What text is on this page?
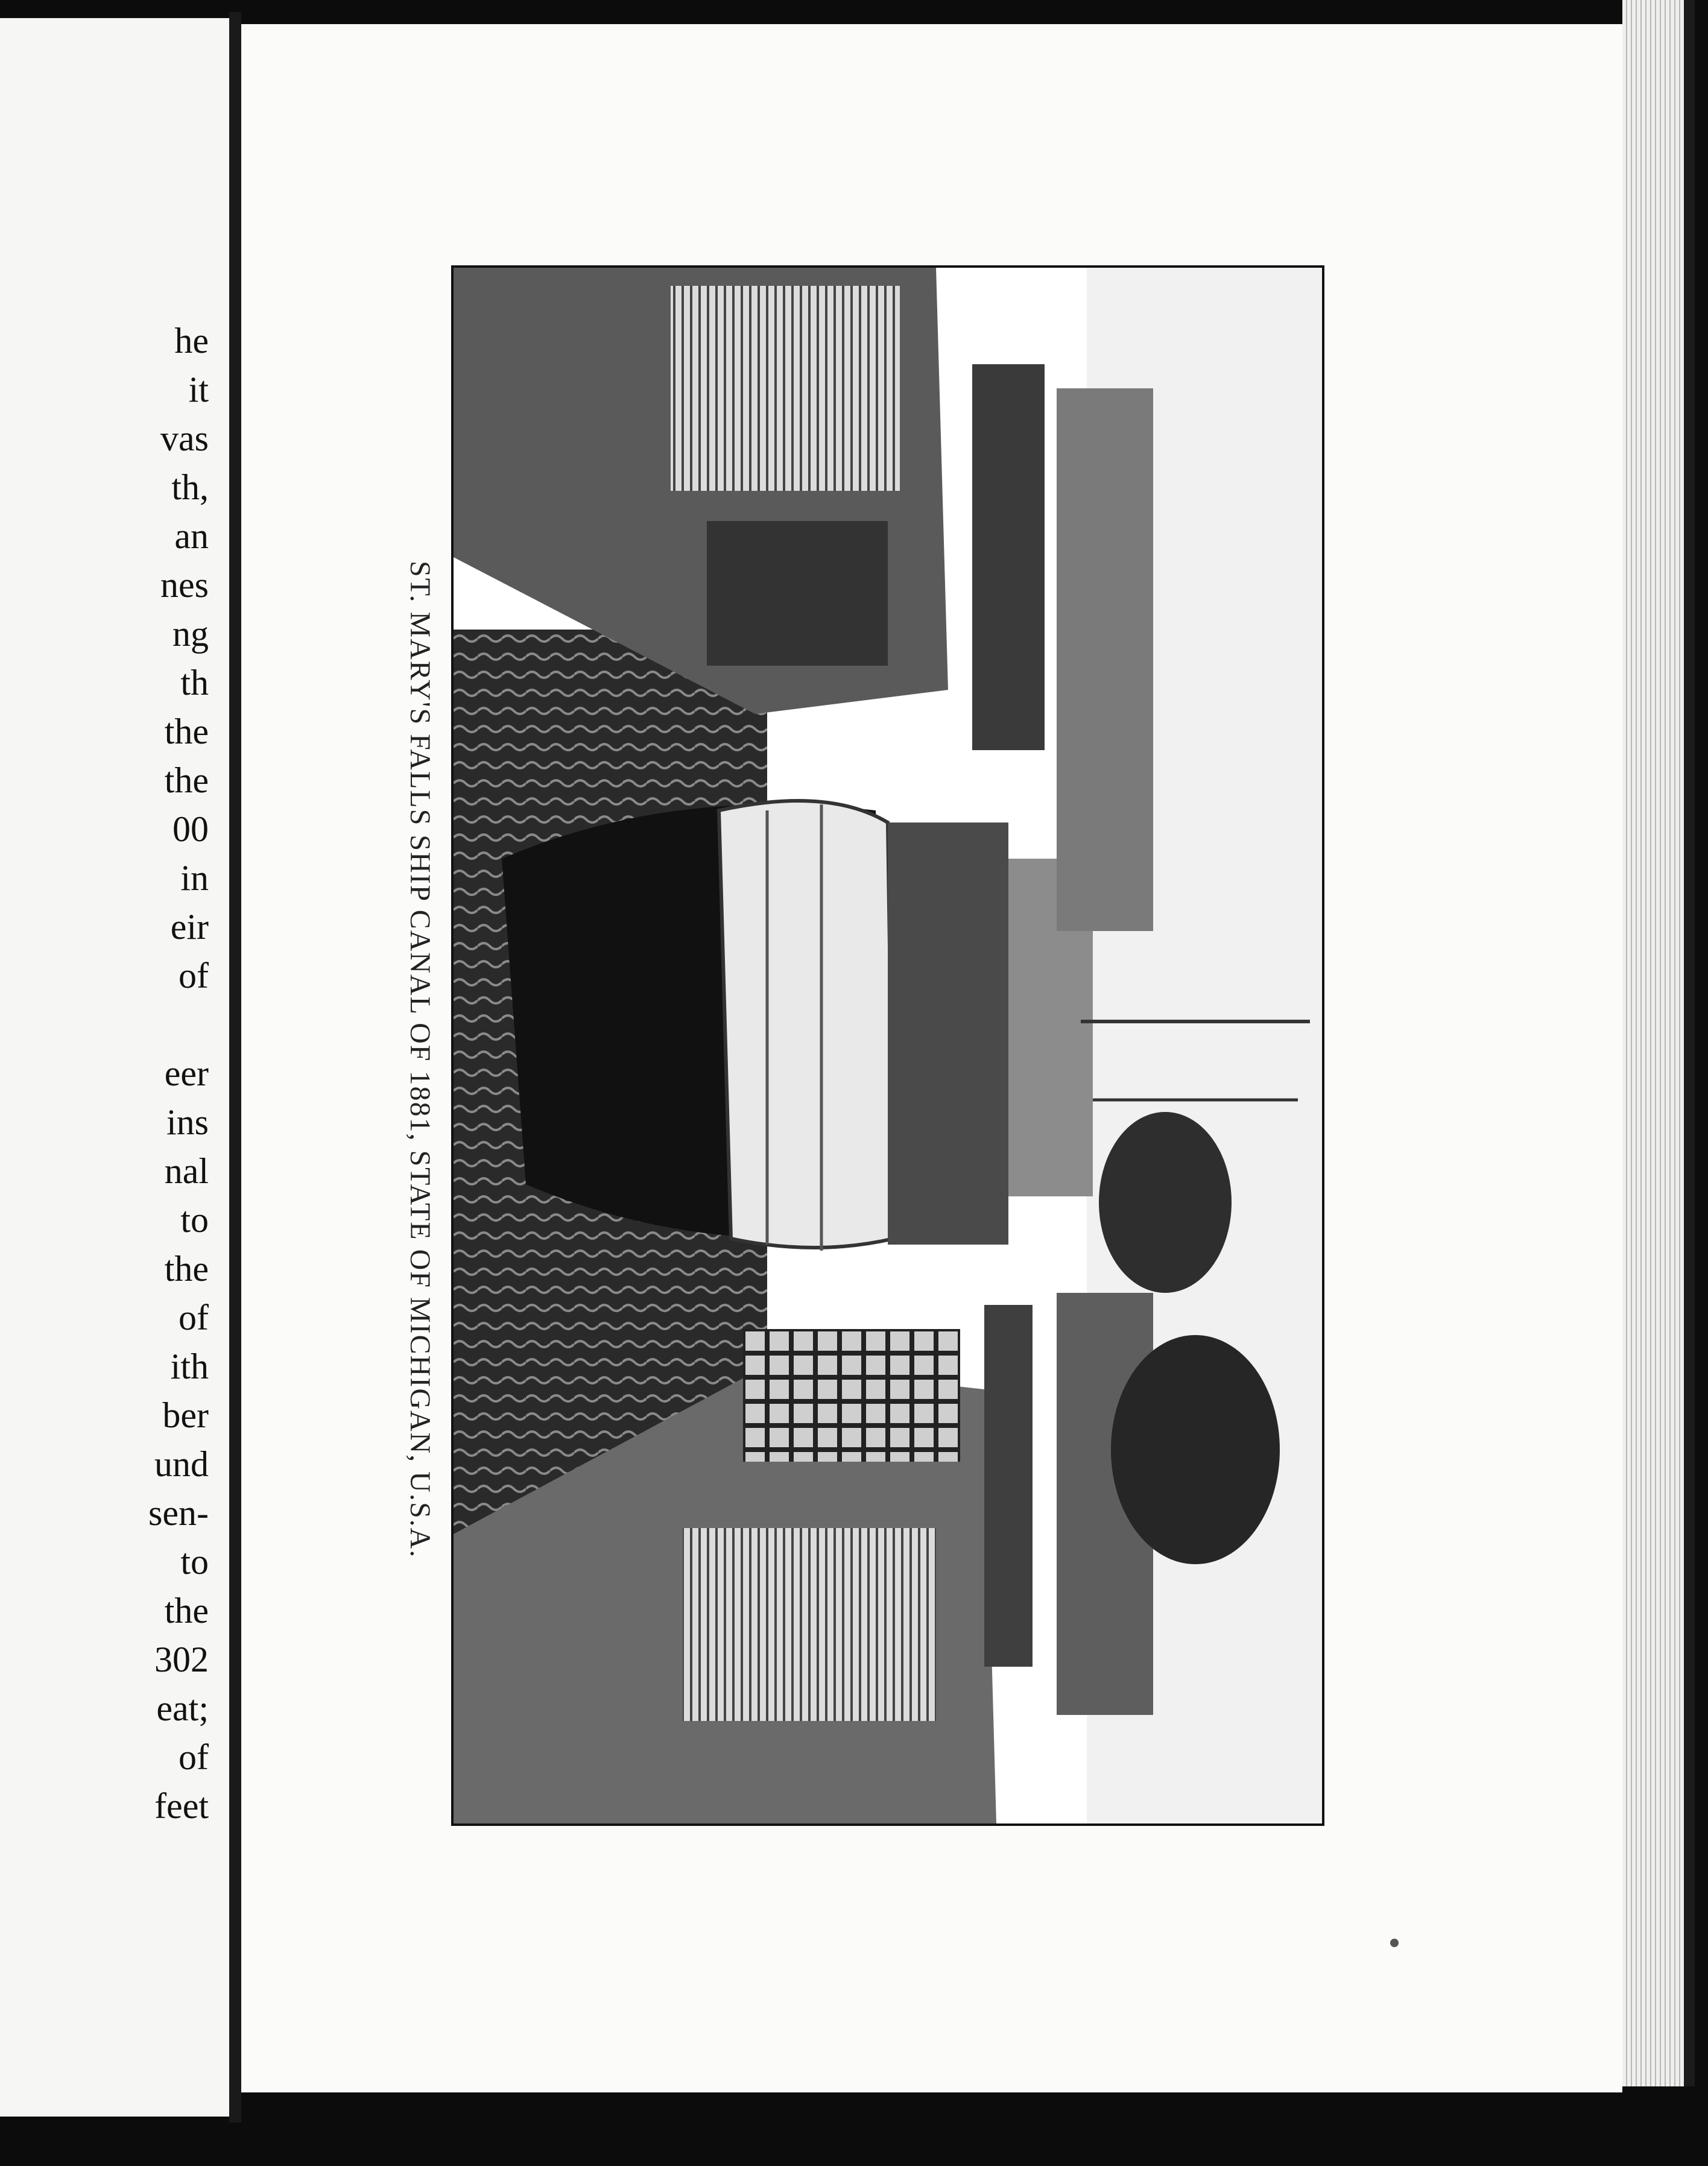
he
it
vas
th,
an
nes
ng
th
the
the
00
in
eir
of
eer
ins
nal
to
the
of
ith
ber
und
sen-
to
the
302
eat;
of
feet
ST. MARY'S FALLS SHIP CANAL OF 1881, STATE OF MICHIGAN, U.S.A.
